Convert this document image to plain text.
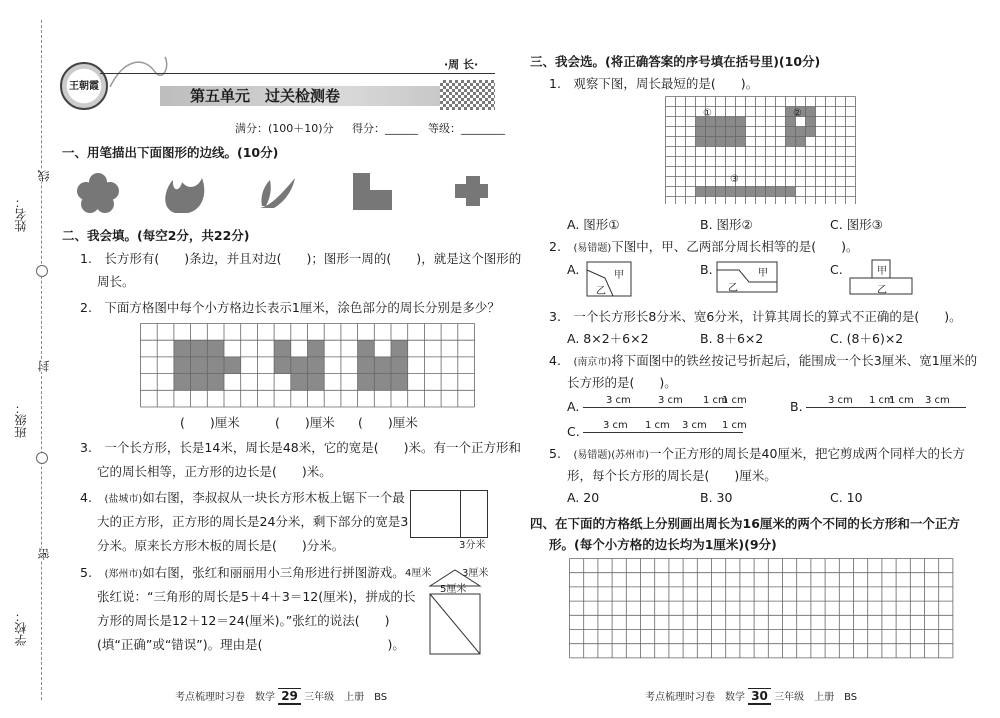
姓名：
班级：
学校：
线
封
密
王朝霞
·周 长·
第五单元　过关检测卷
满分：(100＋10)分 得分：______ 等级：________
一、用笔描出下面图形的边线。(10分)
二、我会填。(每空2分，共22分)
1.　长方形有(　　)条边，并且对边(　　)；图形一周的(　　)，就是这个图形的
周长。
2.　下面方格图中每个小方格边长表示1厘米，涂色部分的周长分别是多少？
(　　)厘米	(　　)厘米 (　　)厘米
3.　一个长方形，长是14米，周长是48米，它的宽是(　　)米。有一个正方形和
它的周长相等，正方形的边长是(　　)米。
4.　(盐城市)如右图，李叔叔从一块长方形木板上锯下一个最
大的正方形，正方形的周长是24分米，剩下部分的宽是3
分米。原来长方形木板的周长是(　　)分米。	3分米
5.　(郑州市)如右图，张红和丽丽用小三角形进行拼图游戏。
张红说：“三角形的周长是5＋4＋3＝12(厘米)，拼成的长
方形的周长是12＋12＝24(厘米)。”张红的说法(　　)
(填“正确”或“错误”)。理由是(　　　　　　　　　　)。
4厘米	3厘米
5厘米
考点梳理时习卷　数学 29 三年级　上册　BS
三、我会选。(将正确答案的序号填在括号里)(10分)
1.　观察下图，周长最短的是(　　)。
①	②
③
A. 图形①	B. 图形②	C. 图形③
2.　(易错题)下图中，甲、乙两部分周长相等的是(　　)。
A.	B.	C.
甲
乙
甲
乙
甲
乙
3.　一个长方形长8分米、宽6分米，计算其周长的算式不正确的是(　　)。
A. 8×2＋6×2	B. 8＋6×2	C. (8＋6)×2
4.　(南京市)将下面图中的铁丝按记号折起后，能围成一个长3厘米、宽1厘米的
长方形的是(　　)。
A.	3 cm	3 cm 1 cm
1 cm	B.	3 cm 1 cm
1 cm 3 cm
C. 3 cm 1 cm 3 cm 1 cm
5.　(易错题)(苏州市)一个正方形的周长是40厘米，把它剪成两个同样大的长方
形，每个长方形的周长是(　　)厘米。
A. 20	B. 30	C. 10
四、在下面的方格纸上分别画出周长为16厘米的两个不同的长方形和一个正方
形。(每个小方格的边长均为1厘米)(9分)
考点梳理时习卷　数学 30 三年级　上册　BS
